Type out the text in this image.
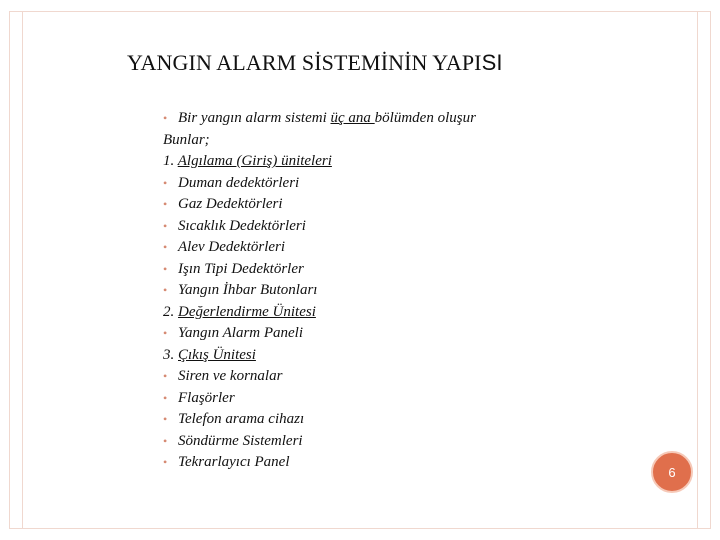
YANGIN ALARM SİSTEMİNİN YAPISI
• Bir yangın alarm sistemi üç ana bölümden oluşur
Bunlar;
1. Algılama (Giriş) üniteleri
• Duman dedektörleri
• Gaz Dedektörleri
• Sıcaklık Dedektörleri
• Alev Dedektörleri
• Işın Tipi Dedektörler
• Yangın İhbar Butonları
2. Değerlendirme Ünitesi
• Yangın Alarm Paneli
3. Çıkış Ünitesi
• Siren ve kornalar
• Flaşörler
• Telefon arama cihazı
• Söndürme Sistemleri
• Tekrarlayıcı Panel
6
